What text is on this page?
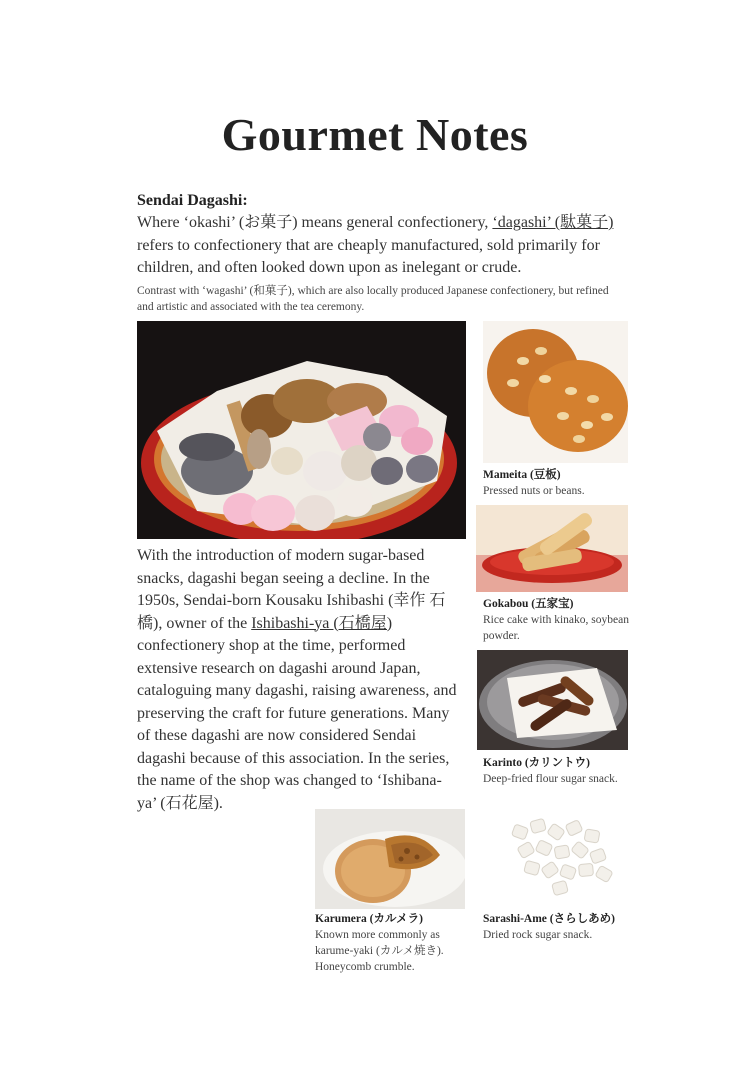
Gourmet Notes
Sendai Dagashi:
Where ‘okashi’ (お菓子) means general confectionery, ‘dagashi’ (駄菓子) refers to confectionery that are cheaply manufactured, sold primarily for children, and often looked down upon as inelegant or crude.
Contrast with ‘wagashi’ (和菓子), which are also locally produced Japanese confectionery, but refined and artistic and associated with the tea ceremony.
Mameita (豆板)
Pressed nuts or beans.
Gokabou (五家宝)
Rice cake with kinako, soybean powder.
Karinto (カリントウ)
Deep-fried flour sugar snack.
With the introduction of modern sugar-based snacks, dagashi began seeing a decline. In the 1950s, Sendai-born Kousaku Ishibashi (幸作 石橋), owner of the Ishibashi-ya (石橋屋) confectionery shop at the time, performed extensive research on dagashi around Japan, cataloguing many dagashi, raising awareness, and preserving the craft for future generations. Many of these dagashi are now considered Sendai dagashi because of this association. In the series, the name of the shop was changed to ‘Ishibana-ya’ (石花屋).
Karumera (カルメラ)
Known more commonly as karume-yaki (カルメ焼き). Honeycomb crumble.
Sarashi-Ame (さらしあめ)
Dried rock sugar snack.
